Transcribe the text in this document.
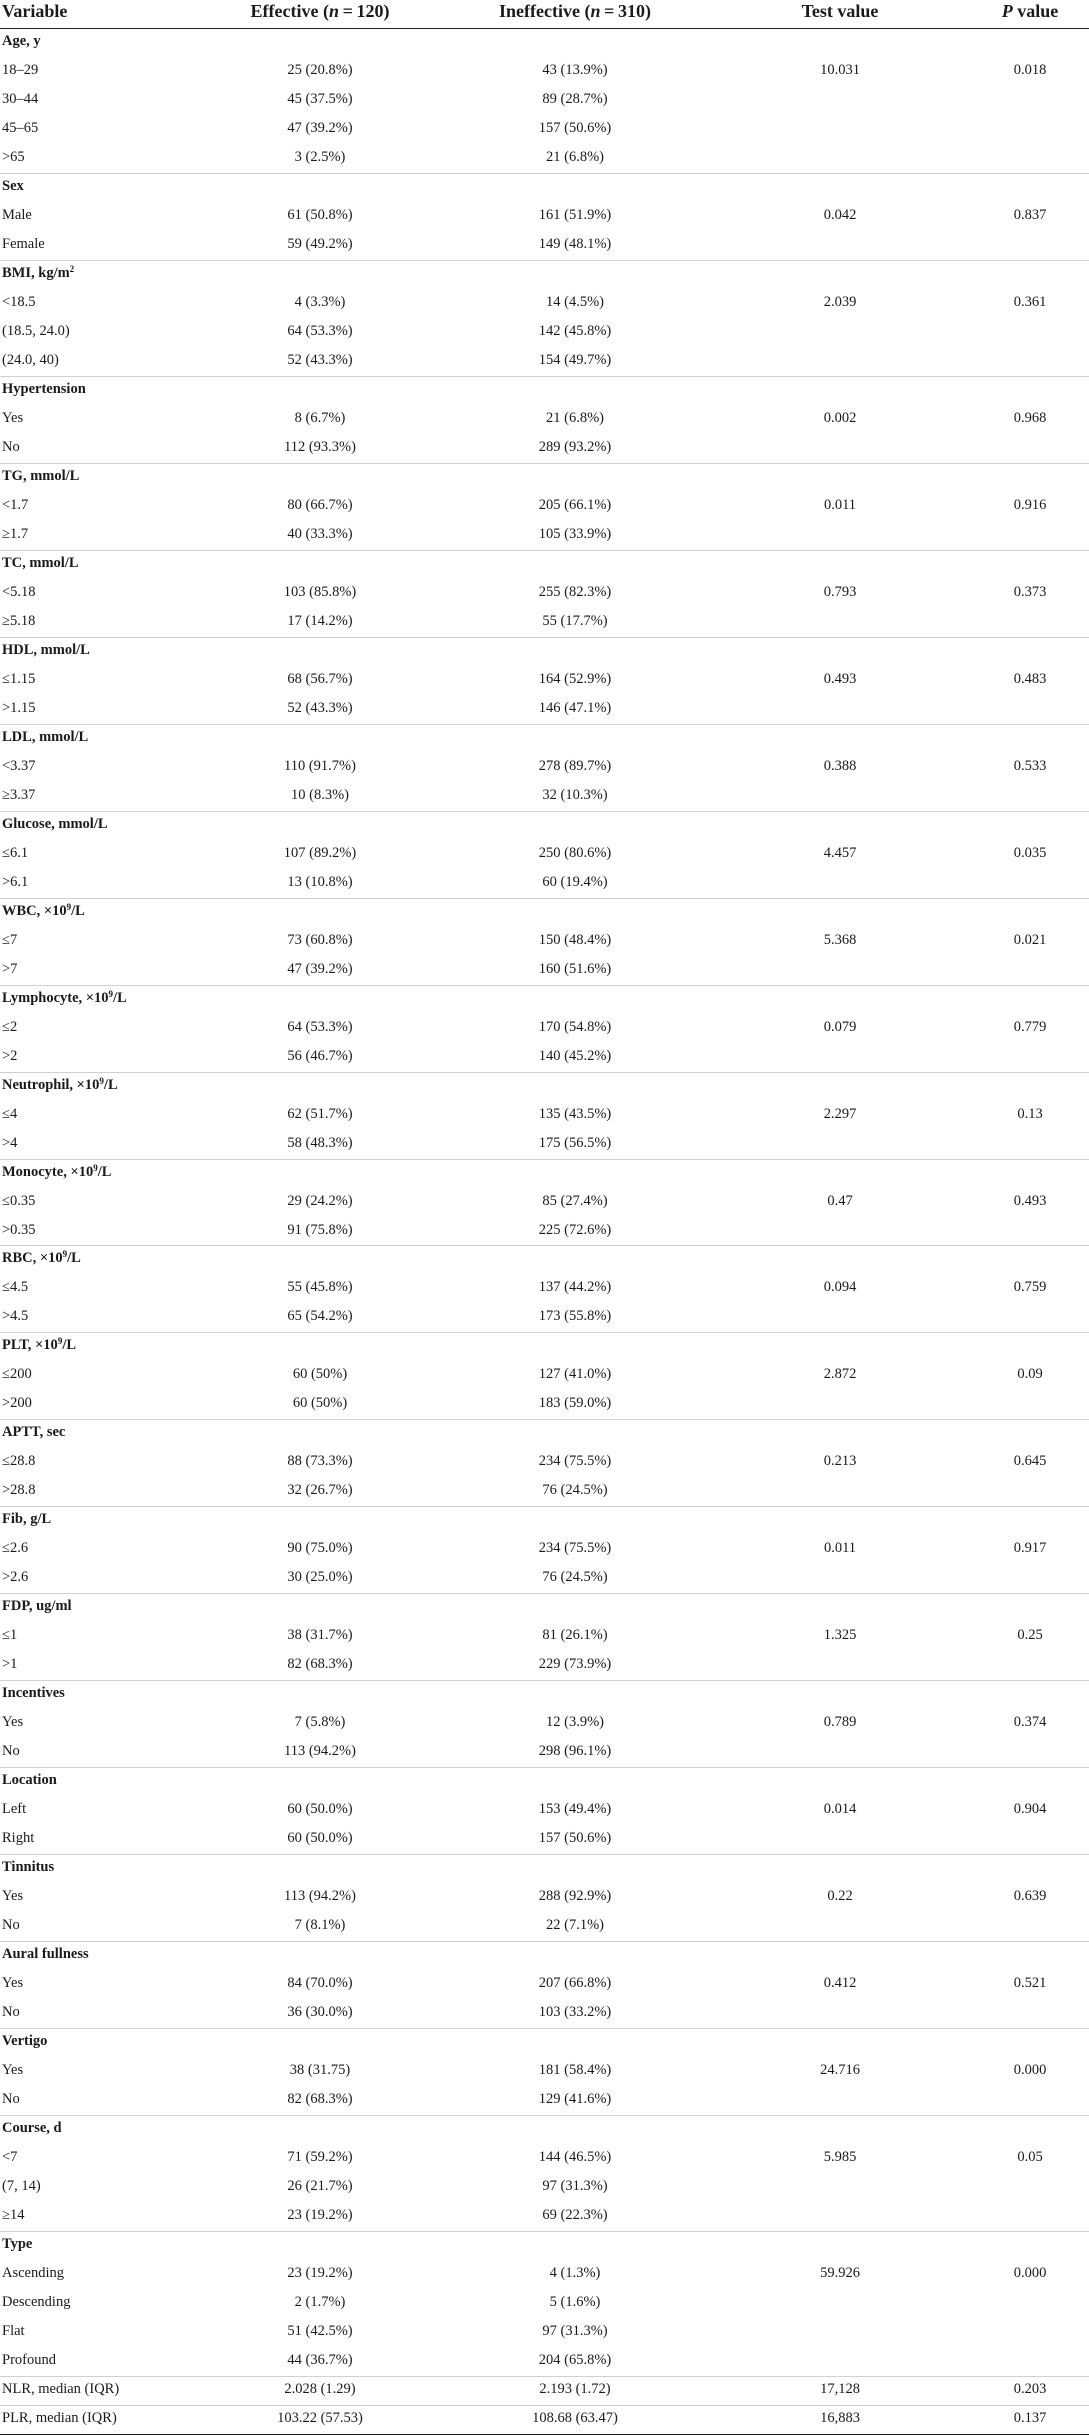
Variable	Effective (n = 120)	Ineffective (n = 310)	Test value	P value
Age, y
18–29	25 (20.8%)	43 (13.9%)	10.031	0.018
30–44	45 (37.5%)	89 (28.7%)
45–65	47 (39.2%)	157 (50.6%)
>65	3 (2.5%)	21 (6.8%)
Sex
Male	61 (50.8%)	161 (51.9%)	0.042	0.837
Female	59 (49.2%)	149 (48.1%)
BMI, $kg/m^2$
<18.5	4 (3.3%)	14 (4.5%)	2.039	0.361
(18.5, 24.0)	64 (53.3%)	142 (45.8%)
(24.0, 40)	52 (43.3%)	154 (49.7%)
Hypertension
Yes	8 (6.7%)	21 (6.8%)	0.002	0.968
No	112 (93.3%)	289 (93.2%)
TG, mmol/L
<1.7	80 (66.7%)	205 (66.1%)	0.011	0.916
≥1.7	40 (33.3%)	105 (33.9%)
TC, mmol/L
<5.18	103 (85.8%)	255 (82.3%)	0.793	0.373
≥5.18	17 (14.2%)	55 (17.7%)
HDL, mmol/L
≤1.15	68 (56.7%)	164 (52.9%)	0.493	0.483
>1.15	52 (43.3%)	146 (47.1%)
LDL, mmol/L
<3.37	110 (91.7%)	278 (89.7%)	0.388	0.533
≥3.37	10 (8.3%)	32 (10.3%)
Glucose, mmol/L
≤6.1	107 (89.2%)	250 (80.6%)	4.457	0.035
>6.1	13 (10.8%)	60 (19.4%)
WBC, $\times 10^9/L$
≤7	73 (60.8%)	150 (48.4%)	5.368	0.021
>7	47 (39.2%)	160 (51.6%)
Lymphocyte, $\times 10^9/L$
≤2	64 (53.3%)	170 (54.8%)	0.079	0.779
>2	56 (46.7%)	140 (45.2%)
Neutrophil, $\times 10^9/L$
≤4	62 (51.7%)	135 (43.5%)	2.297	0.13
>4	58 (48.3%)	175 (56.5%)
Monocyte, $\times 10^9/L$
≤0.35	29 (24.2%)	85 (27.4%)	0.47	0.493
>0.35	91 (75.8%)	225 (72.6%)
RBC, $\times 10^9/L$
≤4.5	55 (45.8%)	137 (44.2%)	0.094	0.759
>4.5	65 (54.2%)	173 (55.8%)
PLT, $\times 10^9/L$
≤200	60 (50%)	127 (41.0%)	2.872	0.09
>200	60 (50%)	183 (59.0%)
APTT, sec
≤28.8	88 (73.3%)	234 (75.5%)	0.213	0.645
>28.8	32 (26.7%)	76 (24.5%)
Fib, g/L
≤2.6	90 (75.0%)	234 (75.5%)	0.011	0.917
>2.6	30 (25.0%)	76 (24.5%)
FDP, ug/ml
≤1	38 (31.7%)	81 (26.1%)	1.325	0.25
>1	82 (68.3%)	229 (73.9%)
Incentives
Yes	7 (5.8%)	12 (3.9%)	0.789	0.374
No	113 (94.2%)	298 (96.1%)
Location
Left	60 (50.0%)	153 (49.4%)	0.014	0.904
Right	60 (50.0%)	157 (50.6%)
Tinnitus
Yes	113 (94.2%)	288 (92.9%)	0.22	0.639
No	7 (8.1%)	22 (7.1%)
Aural fullness
Yes	84 (70.0%)	207 (66.8%)	0.412	0.521
No	36 (30.0%)	103 (33.2%)
Vertigo
Yes	38 (31.75)	181 (58.4%)	24.716	0.000
No	82 (68.3%)	129 (41.6%)
Course, d
<7	71 (59.2%)	144 (46.5%)	5.985	0.05
(7, 14)	26 (21.7%)	97 (31.3%)
≥14	23 (19.2%)	69 (22.3%)
Type
Ascending	23 (19.2%)	4 (1.3%)	59.926	0.000
Descending	2 (1.7%)	5 (1.6%)
Flat	51 (42.5%)	97 (31.3%)
Profound	44 (36.7%)	204 (65.8%)
NLR, median (IQR)	2.028 (1.29)	2.193 (1.72)	17,128	0.203
PLR, median (IQR)	103.22 (57.53)	108.68 (63.47)	16,883	0.137
